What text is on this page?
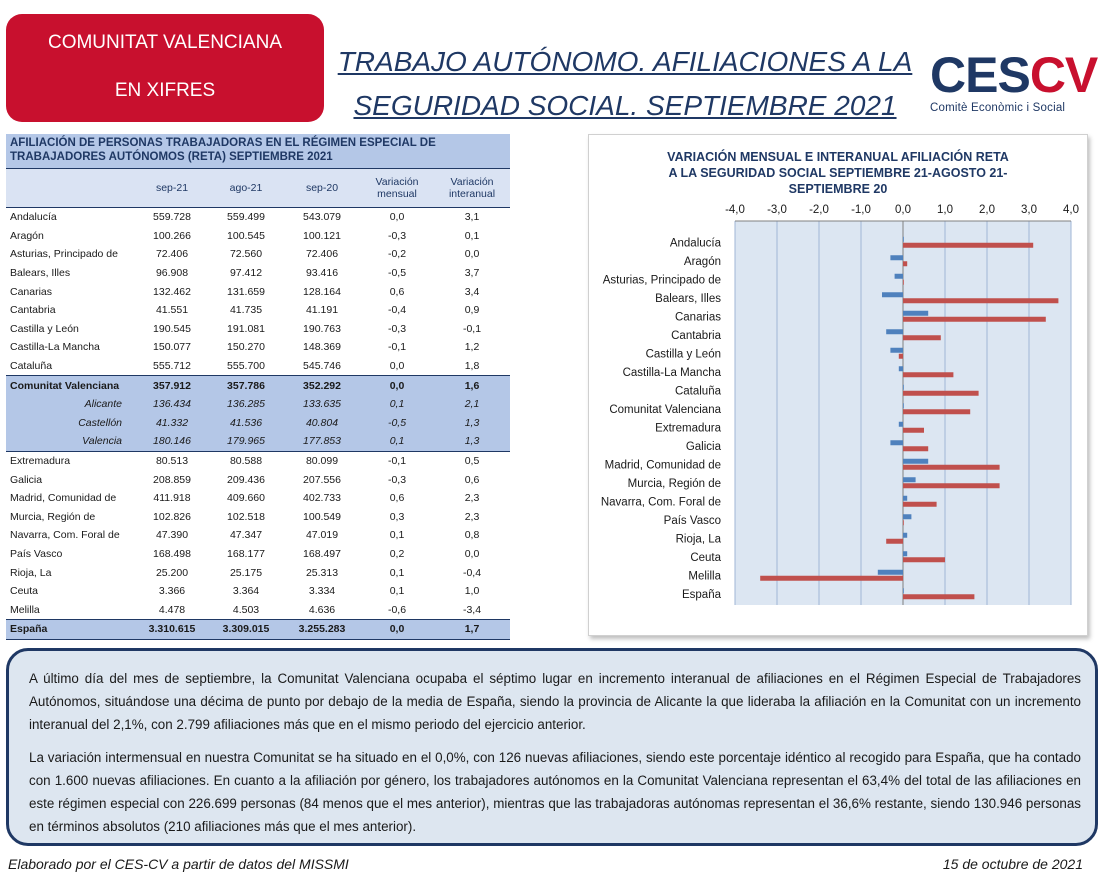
COMUNITAT VALENCIANA
EN XIFRES
TRABAJO AUTÓNOMO. AFILIACIONES A LA
SEGURIDAD SOCIAL. SEPTIEMBRE 2021
CESCV
Comitè Econòmic i Social
AFILIACIÓN DE PERSONAS TRABAJADORAS EN EL RÉGIMEN ESPECIAL DE TRABAJADORES AUTÓNOMOS (RETA) SEPTIEMBRE 2021
	sep-21	ago-21	sep-20	Variación mensual	Variación interanual
Andalucía	559.728	559.499	543.079	0,0	3,1
Aragón	100.266	100.545	100.121	-0,3	0,1
Asturias, Principado de	72.406	72.560	72.406	-0,2	0,0
Balears, Illes	96.908	97.412	93.416	-0,5	3,7
Canarias	132.462	131.659	128.164	0,6	3,4
Cantabria	41.551	41.735	41.191	-0,4	0,9
Castilla y León	190.545	191.081	190.763	-0,3	-0,1
Castilla-La Mancha	150.077	150.270	148.369	-0,1	1,2
Cataluña	555.712	555.700	545.746	0,0	1,8
Comunitat Valenciana	357.912	357.786	352.292	0,0	1,6
Alicante	136.434	136.285	133.635	0,1	2,1
Castellón	41.332	41.536	40.804	-0,5	1,3
Valencia	180.146	179.965	177.853	0,1	1,3
Extremadura	80.513	80.588	80.099	-0,1	0,5
Galicia	208.859	209.436	207.556	-0,3	0,6
Madrid, Comunidad de	411.918	409.660	402.733	0,6	2,3
Murcia, Región de	102.826	102.518	100.549	0,3	2,3
Navarra, Com. Foral de	47.390	47.347	47.019	0,1	0,8
País Vasco	168.498	168.177	168.497	0,2	0,0
Rioja, La	25.200	25.175	25.313	0,1	-0,4
Ceuta	3.366	3.364	3.334	0,1	1,0
Melilla	4.478	4.503	4.636	-0,6	-3,4
España	3.310.615	3.309.015	3.255.283	0,0	1,7
VARIACIÓN MENSUAL E INTERANUAL AFILIACIÓN RETA
A LA SEGURIDAD SOCIAL SEPTIEMBRE 21-AGOSTO 21-
SEPTIEMBRE 20
-4,0 -3,0 -2,0 -1,0 0,0 1,0 2,0 3,0 4,0
Andalucía
Aragón
Asturias, Principado de
Balears, Illes
Canarias
Cantabria
Castilla y León
Castilla-La Mancha
Cataluña
Comunitat Valenciana
Extremadura
Galicia
Madrid, Comunidad de
Murcia, Región de
Navarra, Com. Foral de
País Vasco
Rioja, La
Ceuta
Melilla
España

A último día del mes de septiembre, la Comunitat Valenciana ocupaba el séptimo lugar en incremento interanual de afiliaciones en el Régimen Especial de Trabajadores Autónomos, situándose una décima de punto por debajo de la media de España, siendo la provincia de Alicante la que lideraba la afiliación en la Comunitat con un incremento interanual del 2,1%, con 2.799 afiliaciones más que en el mismo periodo del ejercicio anterior.

La variación intermensual en nuestra Comunitat se ha situado en el 0,0%, con 126 nuevas afiliaciones, siendo este porcentaje idéntico al recogido para España, que ha contado con 1.600 nuevas afiliaciones. En cuanto a la afiliación por género, los trabajadores autónomos en la Comunitat Valenciana representan el 63,4% del total de las afiliaciones en este régimen especial con 226.699 personas (84 menos que el mes anterior), mientras que las trabajadoras autónomas representan el 36,6% restante, siendo 130.946 personas en términos absolutos (210 afiliaciones más que el mes anterior).

Elaborado por el CES-CV a partir de datos del MISSMI	15 de octubre de 2021
